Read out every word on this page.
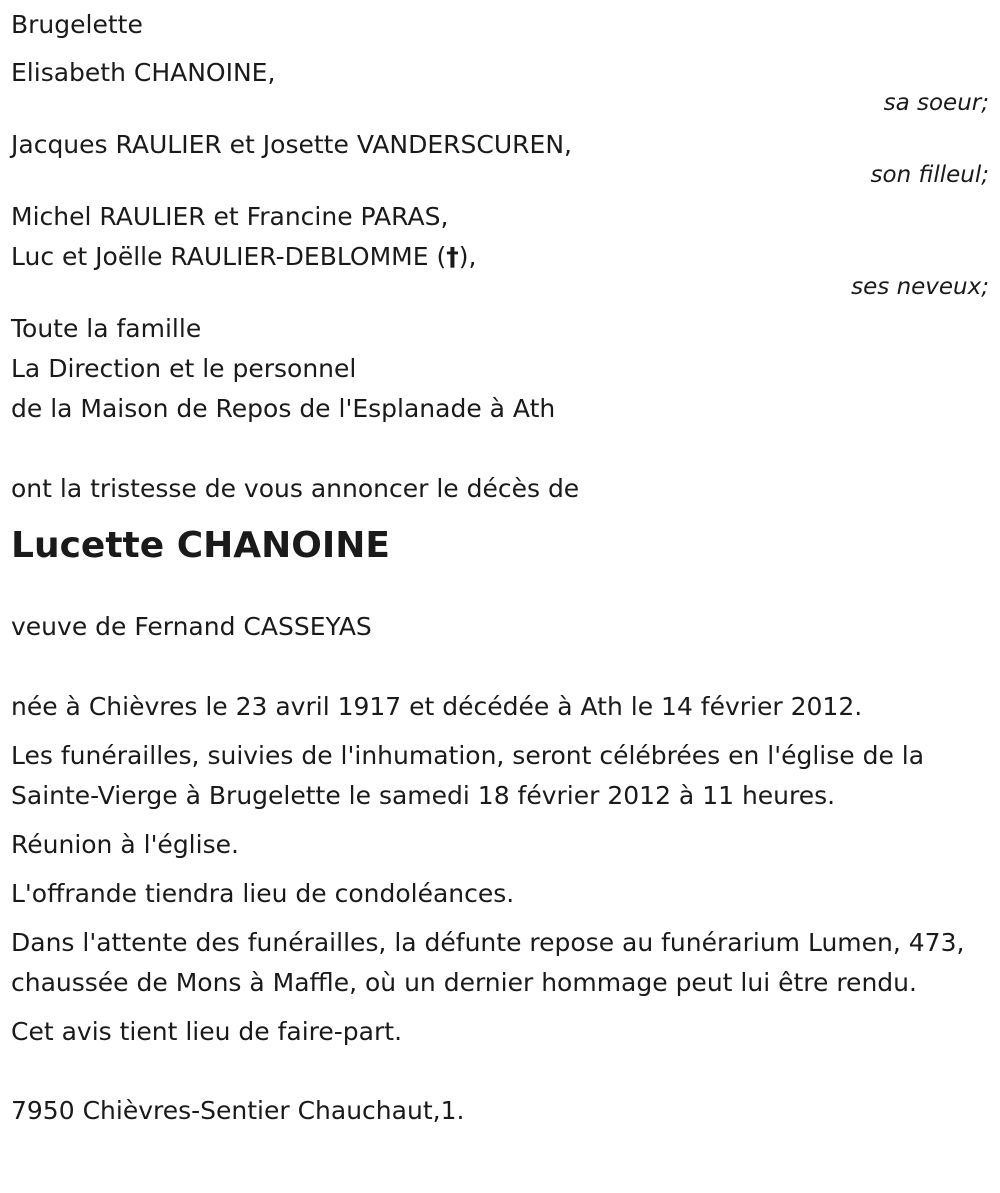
Brugelette
Elisabeth CHANOINE,
sa soeur;
Jacques RAULIER et Josette VANDERSCUREN,
son filleul;
Michel RAULIER et Francine PARAS,
Luc et Joëlle RAULIER-DEBLOMME (†),
ses neveux;
Toute la famille
La Direction et le personnel
de la Maison de Repos de l'Esplanade à Ath
ont la tristesse de vous annoncer le décès de
Lucette CHANOINE
veuve de Fernand CASSEYAS
née à Chièvres le 23 avril 1917 et décédée à Ath le 14 février 2012.
Les funérailles, suivies de l'inhumation, seront célébrées en l'église de la Sainte-Vierge à Brugelette le samedi 18 février 2012 à 11 heures.
Réunion à l'église.
L'offrande tiendra lieu de condoléances.
Dans l'attente des funérailles, la défunte repose au funérarium Lumen, 473, chaussée de Mons à Maffle, où un dernier hommage peut lui être rendu.
Cet avis tient lieu de faire-part.
7950 Chièvres-Sentier Chauchaut,1.
